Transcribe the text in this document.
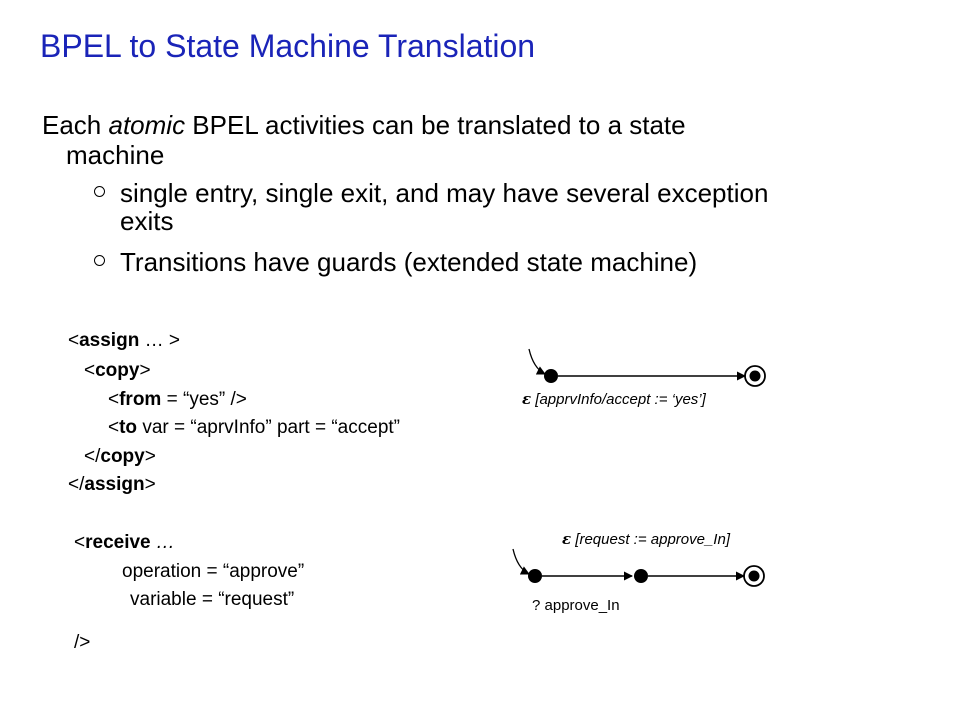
BPEL to State Machine Translation
Each atomic BPEL activities can be translated to a state
machine
single entry, single exit, and may have several exception
exits
Transitions have guards (extended state machine)
<assign … >
<copy>
<from = “yes” />
<to var = “aprvInfo” part = “accept”
</copy>
</assign>
<receive …
operation = “approve”
variable = “request”
/>
ε [apprvInfo/accept := ‘yes’]
ε [request := approve_In]
? approve_In
